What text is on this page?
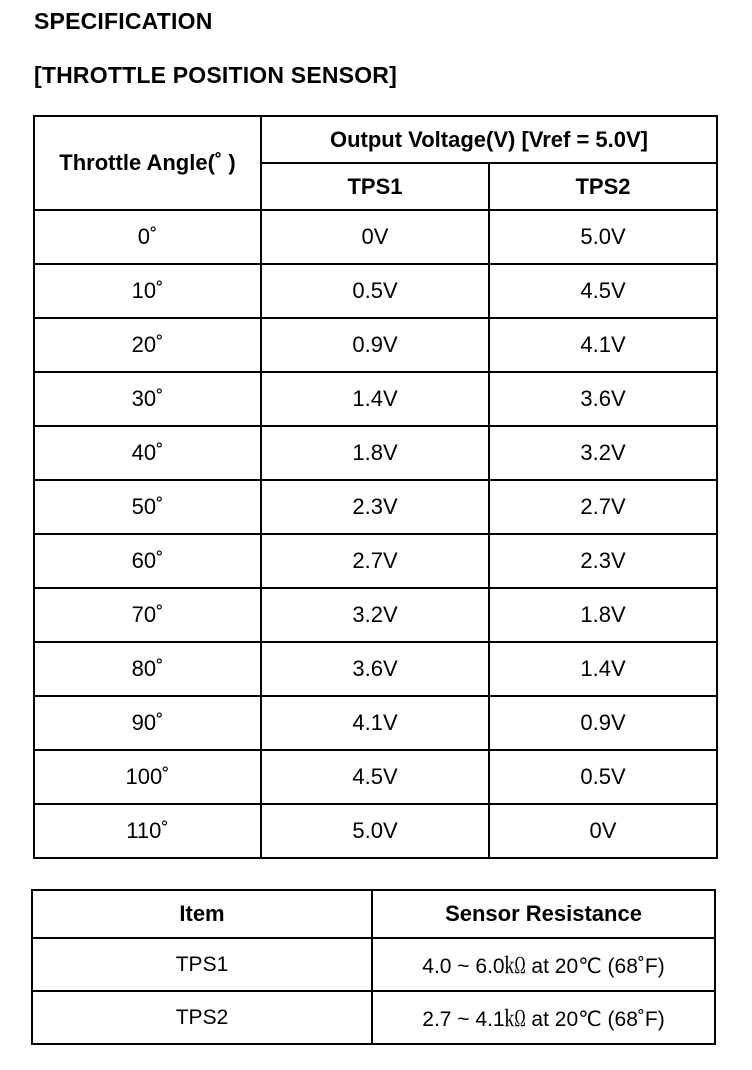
SPECIFICATION
[THROTTLE POSITION SENSOR]
Throttle Angle(˚ )	Output Voltage(V) [Vref = 5.0V]	
	TPS1	TPS2
0˚	0V	5.0V
10˚	0.5V	4.5V
20˚	0.9V	4.1V
30˚	1.4V	3.6V
40˚	1.8V	3.2V
50˚	2.3V	2.7V
60˚	2.7V	2.3V
70˚	3.2V	1.8V
80˚	3.6V	1.4V
90˚	4.1V	0.9V
100˚	4.5V	0.5V
110˚	5.0V	0V
Item	Sensor Resistance
TPS1	4.0 ~ 6.0㏀ at 20℃ (68˚F)
TPS2	2.7 ~ 4.1㏀ at 20℃ (68˚F)
